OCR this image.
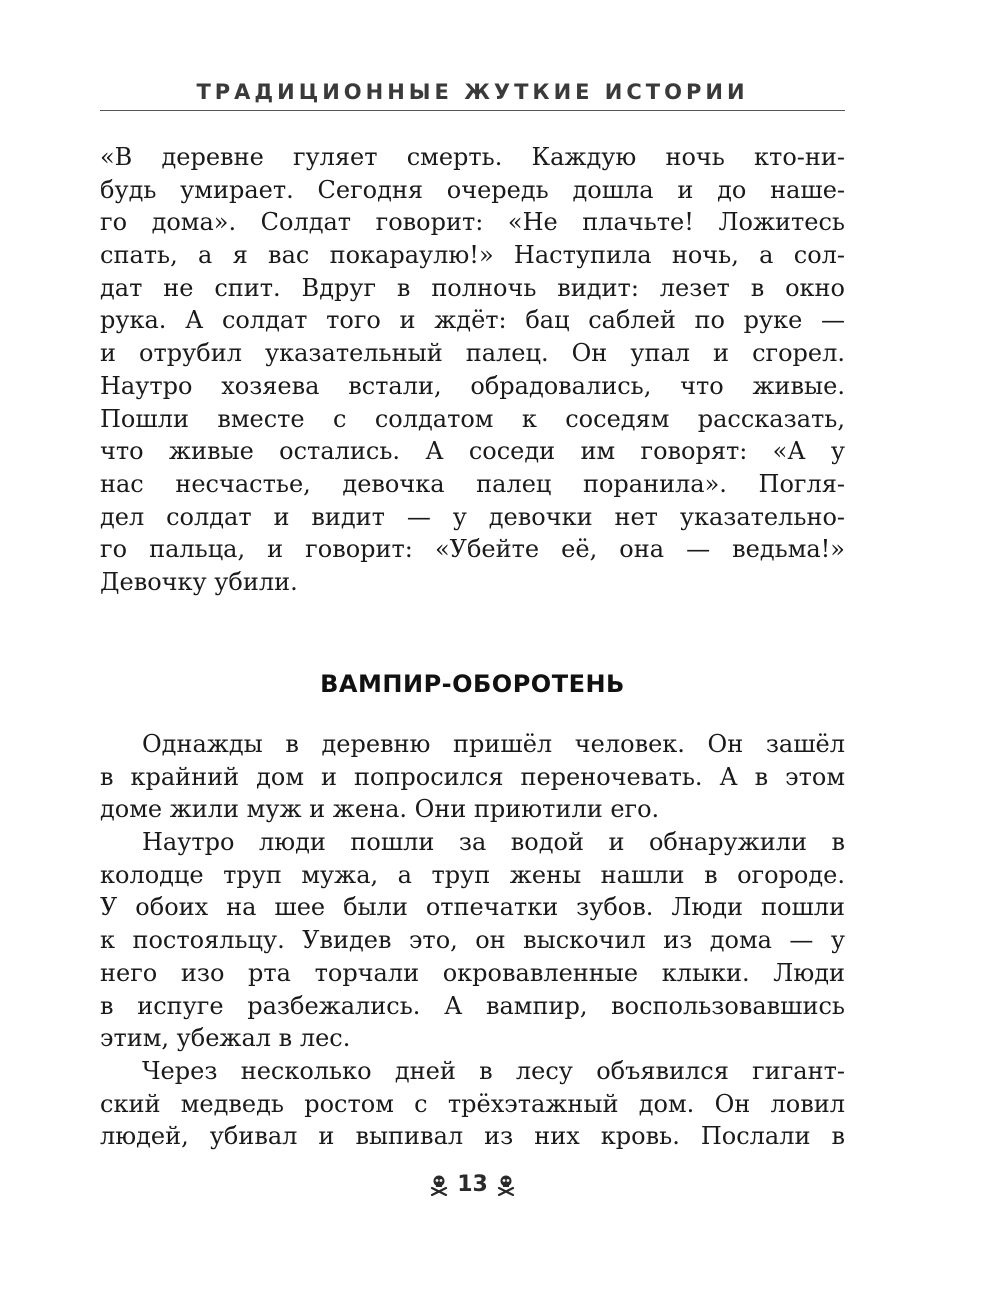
ТРАДИЦИОННЫЕ ЖУТКИЕ ИСТОРИИ
«В деревне гуляет смерть. Каждую ночь кто-ни-
будь умирает. Сегодня очередь дошла и до наше-
го дома». Солдат говорит: «Не плачьте! Ложитесь
спать, а я вас покараулю!» Наступила ночь, а сол-
дат не спит. Вдруг в полночь видит: лезет в окно
рука. А солдат того и ждёт: бац саблей по руке —
и отрубил указательный палец. Он упал и сгорел.
Наутро хозяева встали, обрадовались, что живые.
Пошли вместе с солдатом к соседям рассказать,
что живые остались. А соседи им говорят: «А у
нас несчастье, девочка палец поранила». Погля-
дел солдат и видит — у девочки нет указательно-
го пальца, и говорит: «Убейте её, она — ведьма!»
Девочку убили.
ВАМПИР-ОБОРОТЕНЬ
Однажды в деревню пришёл человек. Он зашёл
в крайний дом и попросился переночевать. А в этом
доме жили муж и жена. Они приютили его.
Наутро люди пошли за водой и обнаружили в
колодце труп мужа, а труп жены нашли в огороде.
У обоих на шее были отпечатки зубов. Люди пошли
к постояльцу. Увидев это, он выскочил из дома — у
него изо рта торчали окровавленные клыки. Люди
в испуге разбежались. А вампир, воспользовавшись
этим, убежал в лес.
Через несколько дней в лесу объявился гигант-
ский медведь ростом с трёхэтажный дом. Он ловил
людей, убивал и выпивал из них кровь. Послали в
13
